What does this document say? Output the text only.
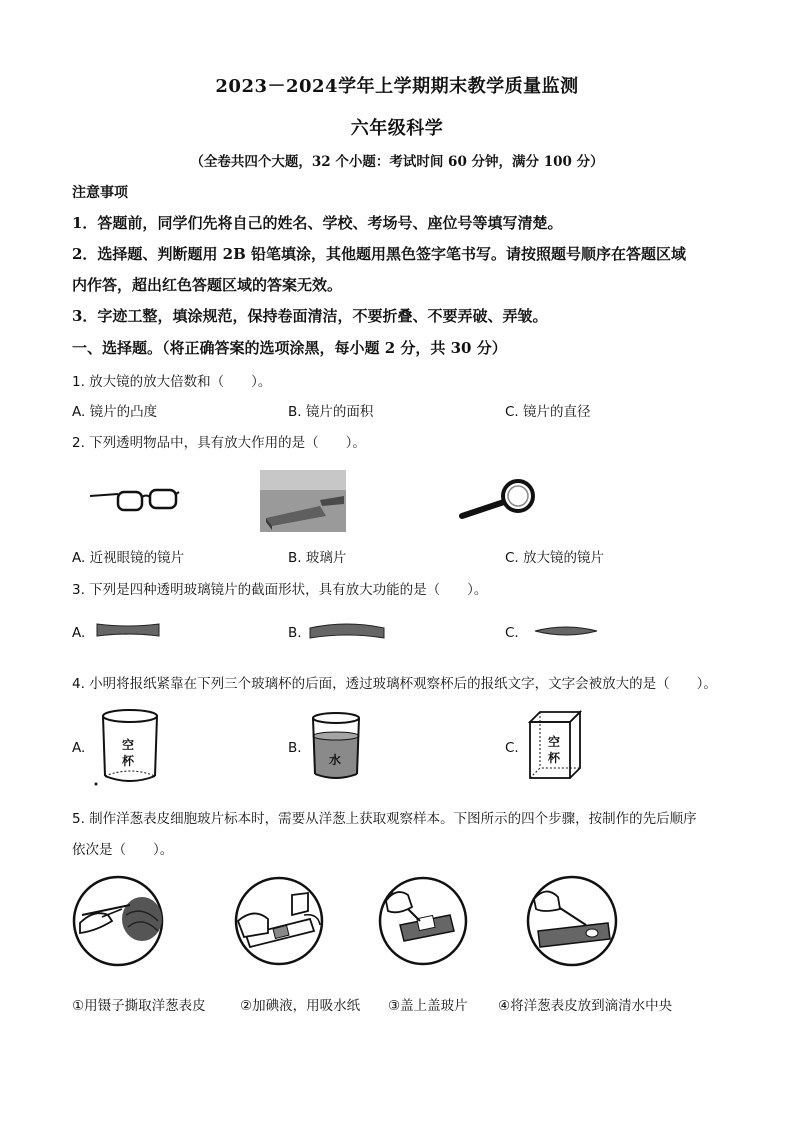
2023－2024学年上学期期末教学质量监测
六年级科学
（全卷共四个大题，32 个小题：考试时间 60 分钟，满分 100 分）
注意事项
1．答题前，同学们先将自己的姓名、学校、考场号、座位号等填写清楚。
2．选择题、判断题用 2B 铅笔填涂，其他题用黑色签字笔书写。请按照题号顺序在答题区域
内作答，超出红色答题区域的答案无效。
3．字迹工整，填涂规范，保持卷面清洁，不要折叠、不要弄破、弄皱。
一、选择题。（将正确答案的选项涂黑，每小题 2 分，共 30 分）
1. 放大镜的放大倍数和（　　）。
A. 镜片的凸度	B. 镜片的面积	C. 镜片的直径
2. 下列透明物品中，具有放大作用的是（　　）。
A. 近视眼镜的镜片	B. 玻璃片	C. 放大镜的镜片
3. 下列是四种透明玻璃镜片的截面形状，具有放大功能的是（　　）。
A.	B.	C.
4. 小明将报纸紧靠在下列三个玻璃杯的后面，透过玻璃杯观察杯后的报纸文字，文字会被放大的是（　　）。
A.	空
杯
B.
水
C. 空
杯
5. 制作洋葱表皮细胞玻片标本时，需要从洋葱上获取观察样本。下图所示的四个步骤，按制作的先后顺序
依次是（　　）。
①用镊子撕取洋葱表皮	②加碘液，用吸水纸 ③盖上盖玻片 ④将洋葱表皮放到滴清水中央
